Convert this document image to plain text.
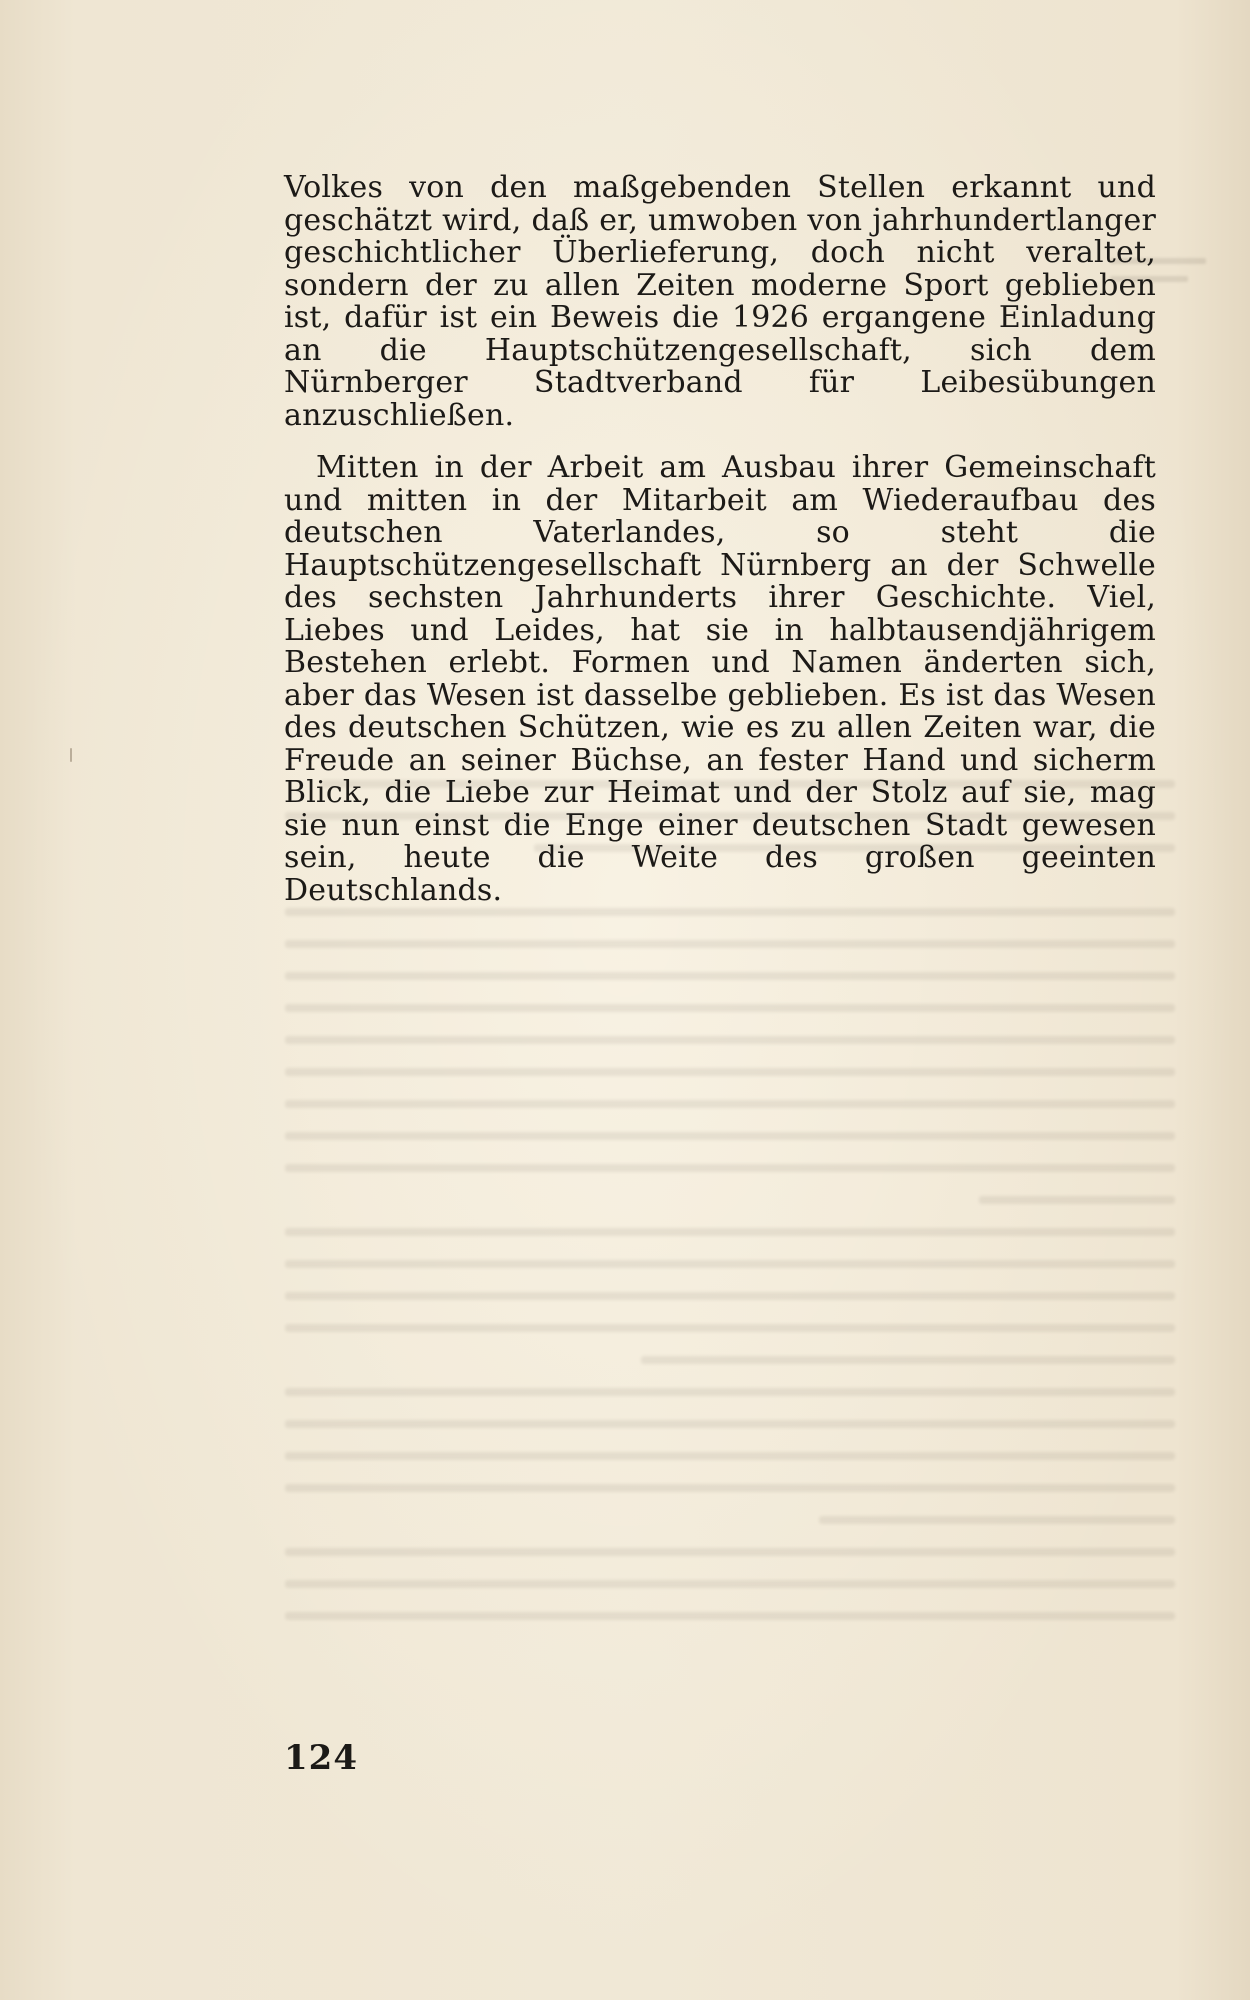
Volkes von den maßgebenden Stellen erkannt und geschätzt wird, daß er, umwoben von jahrhundertlanger geschichtlicher Überlieferung, doch nicht veraltet, sondern der zu allen Zeiten moderne Sport geblieben ist, dafür ist ein Beweis die 1926 ergangene Einladung an die Hauptschützengesellschaft, sich dem Nürnberger Stadtverband für Leibesübungen anzuschließen.

Mitten in der Arbeit am Ausbau ihrer Gemeinschaft und mitten in der Mitarbeit am Wiederaufbau des deutschen Vaterlandes, so steht die Hauptschützengesellschaft Nürnberg an der Schwelle des sechsten Jahrhunderts ihrer Geschichte. Viel, Liebes und Leides, hat sie in halbtausendjährigem Bestehen erlebt. Formen und Namen änderten sich, aber das Wesen ist dasselbe geblieben. Es ist das Wesen des deutschen Schützen, wie es zu allen Zeiten war, die Freude an seiner Büchse, an fester Hand und sicherm Blick, die Liebe zur Heimat und der Stolz auf sie, mag sie nun einst die Enge einer deutschen Stadt gewesen sein, heute die Weite des großen geeinten Deutschlands.

124
